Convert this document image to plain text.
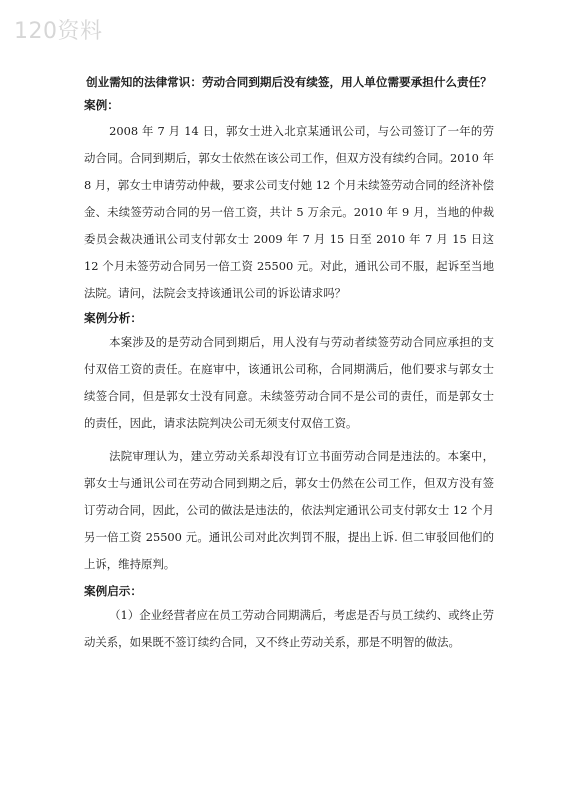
120资料

创业需知的法律常识：劳动合同到期后没有续签，用人单位需要承担什么责任？

案例：

2008 年 7 月 14 日，郭女士进入北京某通讯公司，与公司签订了一年的劳动合同。合同到期后，郭女士依然在该公司工作，但双方没有续约合同。2010 年 8 月，郭女士申请劳动仲裁，要求公司支付她 12 个月未续签劳动合同的经济补偿金、未续签劳动合同的另一倍工资，共计 5 万余元。2010 年 9 月，当地的仲裁委员会裁决通讯公司支付郭女士 2009 年 7 月 15 日至 2010 年 7 月 15 日这 12 个月未签劳动合同另一倍工资 25500 元。对此，通讯公司不服，起诉至当地法院。请问，法院会支持该通讯公司的诉讼请求吗？

案例分析：

本案涉及的是劳动合同到期后，用人没有与劳动者续签劳动合同应承担的支付双倍工资的责任。在庭审中，该通讯公司称，合同期满后，他们要求与郭女士续签合同，但是郭女士没有同意。未续签劳动合同不是公司的责任，而是郭女士的责任，因此，请求法院判决公司无须支付双倍工资。

法院审理认为，建立劳动关系却没有订立书面劳动合同是违法的。本案中，郭女士与通讯公司在劳动合同到期之后，郭女士仍然在公司工作，但双方没有签订劳动合同，因此，公司的做法是违法的，依法判定通讯公司支付郭女士 12 个月另一倍工资 25500 元。通讯公司对此次判罚不服，提出上诉. 但二审驳回他们的上诉，维持原判。

案例启示：

（1）企业经营者应在员工劳动合同期满后，考虑是否与员工续约、或终止劳动关系，如果既不签订续约合同，又不终止劳动关系，那是不明智的做法。
